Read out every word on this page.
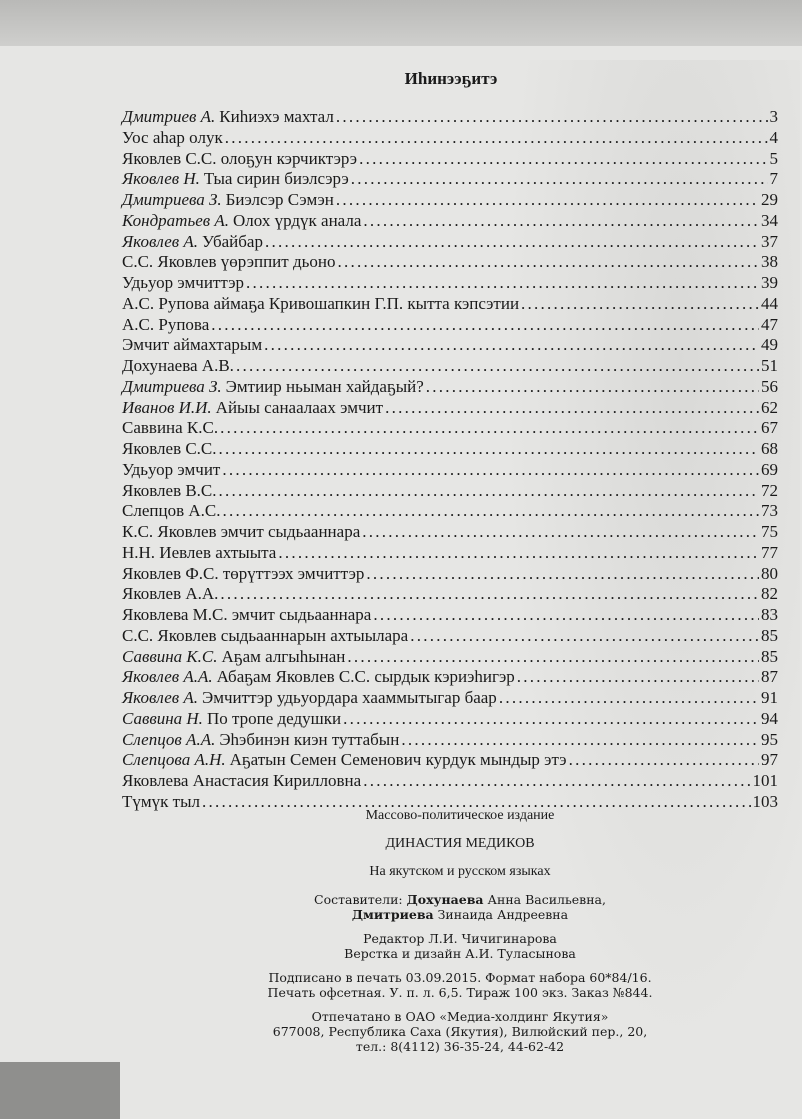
Иhинээҕитэ
Дмитриев А. Киhиэхэ махтал . . .	3
Уос аhар олук . . .	4
Яковлев С.С. олоҕун кэрчиктэрэ . . .	5
Яковлев Н. Тыа сирин биэлсэрэ . . .	7
Дмитриева З. Биэлсэр Сэмэн . . .	29
Кондратьев А. Олох үрдүк анала . . .	34
Яковлев А. Убайбар . . .	37
С.С. Яковлев үөрэппит дьоно . . .	38
Удьуор эмчиттэр . . .	39
А.С. Рупова аймаҕа Кривошапкин Г.П. кытта кэпсэтии . . .	44
А.С. Рупова . . .	47
Эмчит аймахтарым . . .	49
Дохунаева А.В. . . .	51
Дмитриева З. Эмтиир ньыман хайдаҕый? . . .	56
Иванов И.И. Айыы санаалаах эмчит . . .	62
Саввина К.С. . . .	67
Яковлев С.С. . . .	68
Удьуор эмчит . . .	69
Яковлев В.С. . . .	72
Слепцов А.С. . . .	73
К.С. Яковлев эмчит сыдьааннара . . .	75
Н.Н. Иевлев ахтыыта . . .	77
Яковлев Ф.С. төрүттээх эмчиттэр . . .	80
Яковлев А.А. . . .	82
Яковлева М.С. эмчит сыдьааннара . . .	83
С.С. Яковлев сыдьааннарын ахтыылара . . .	85
Саввина К.С. Аҕам алгыhынан . . .	85
Яковлев А.А. Абаҕам Яковлев С.С. сырдык кэриэhигэр . . .	87
Яковлев А. Эмчиттэр удьуордара хааммытыгар баар . . .	91
Саввина Н. По тропе дедушки . . .	94
Слепцов А.А. Эhэбинэн киэн туттабын . . .	95
Слепцова А.Н. Аҕатын Семен Семенович курдук мындыр этэ . . .	97
Яковлева Анастасия Кирилловна . . .	101
Түмүк тыл . . .	103

Массово-политическое издание

ДИНАСТИЯ МЕДИКОВ

На якутском и русском языках

Составители: Дохунаева Анна Васильевна,

Дмитриева Зинаида Андреевна

Редактор Л.И. Чичигинарова

Верстка и дизайн А.И. Туласынова

Подписано в печать 03.09.2015. Формат набора 60*84/16.

Печать офсетная. У. п. л. 6,5. Тираж 100 экз. Заказ №844.

Отпечатано в ОАО «Медиа-холдинг Якутия»

677008, Республика Саха (Якутия), Вилюйский пер., 20,

тел.: 8(4112) 36-35-24, 44-62-42
